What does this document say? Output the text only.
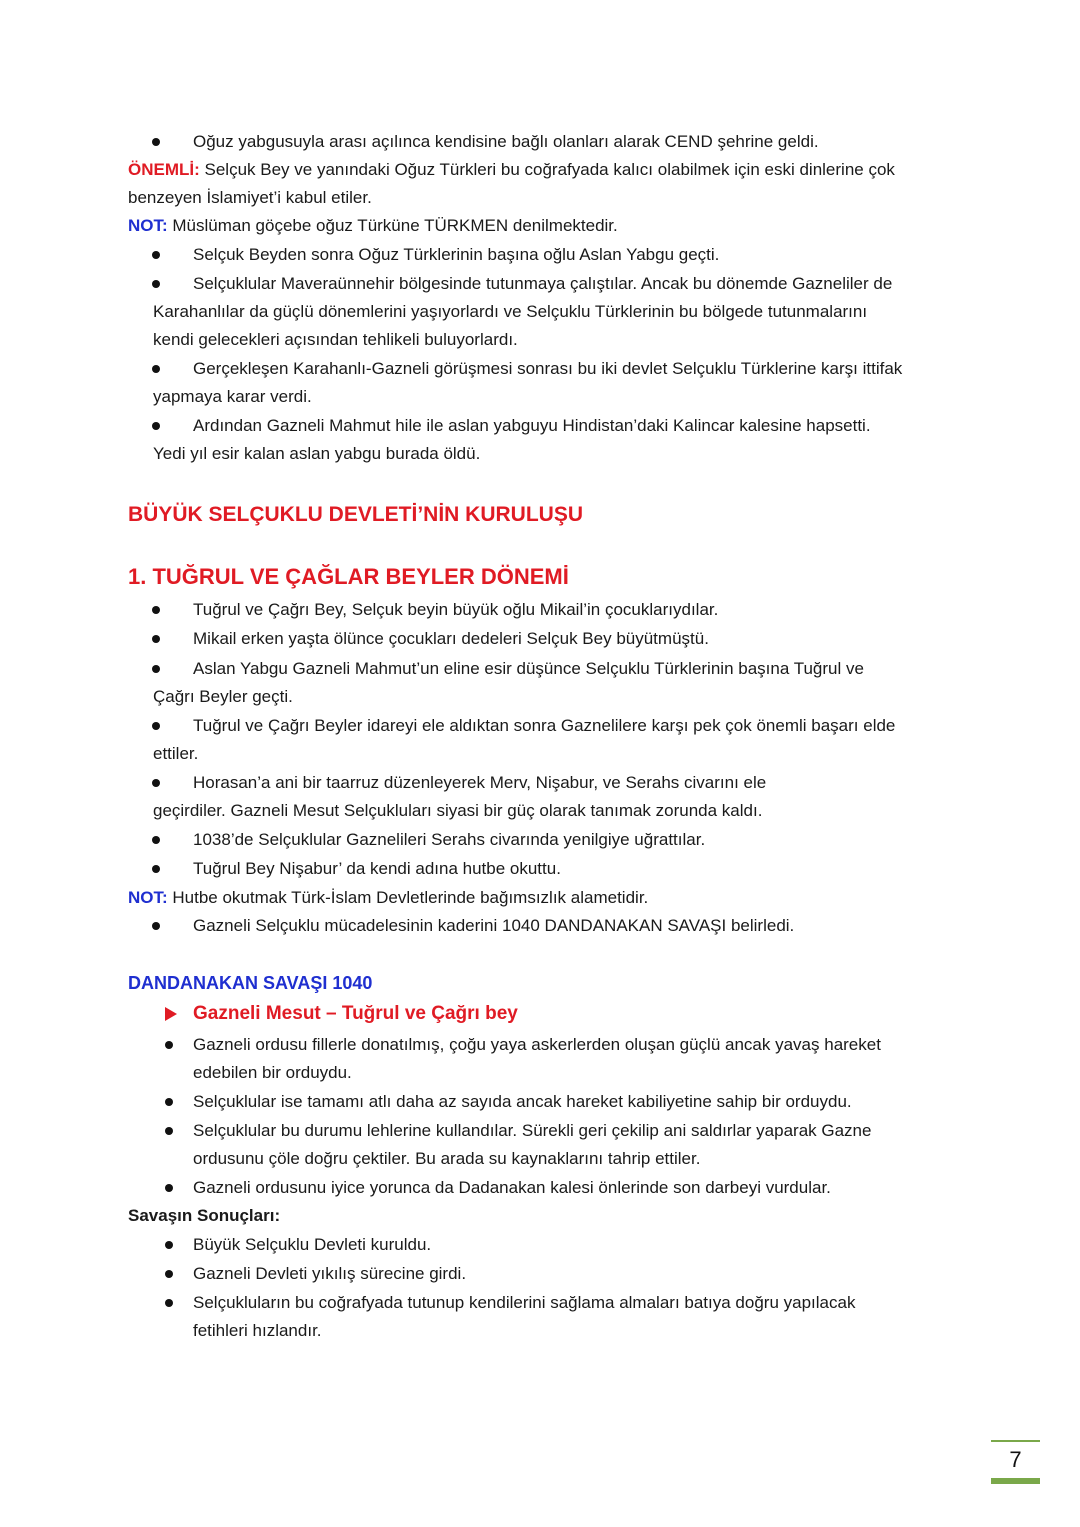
Oğuz yabgusuyla arası açılınca kendisine bağlı olanları alarak CEND şehrine geldi.
ÖNEMLİ: Selçuk Bey ve yanındaki Oğuz Türkleri bu coğrafyada kalıcı olabilmek için eski dinlerine çok
benzeyen İslamiyet’i kabul etiler.
NOT: Müslüman göçebe oğuz Türküne TÜRKMEN denilmektedir.
Selçuk Beyden sonra Oğuz Türklerinin başına oğlu Aslan Yabgu geçti.
Selçuklular Maveraünnehir bölgesinde tutunmaya çalıştılar. Ancak bu dönemde Gazneliler de
Karahanlılar da güçlü dönemlerini yaşıyorlardı ve Selçuklu Türklerinin bu bölgede tutunmalarını
kendi gelecekleri açısından tehlikeli buluyorlardı.
Gerçekleşen Karahanlı-Gazneli görüşmesi sonrası bu iki devlet Selçuklu Türklerine karşı ittifak
yapmaya karar verdi.
Ardından Gazneli Mahmut hile ile aslan yabguyu Hindistan’daki Kalincar kalesine hapsetti.
Yedi yıl esir kalan aslan yabgu burada öldü.
BÜYÜK SELÇUKLU DEVLETİ’NİN KURULUŞU
1. TUĞRUL VE ÇAĞLAR BEYLER DÖNEMİ
Tuğrul ve Çağrı Bey, Selçuk beyin büyük oğlu Mikail’in çocuklarıydılar.
Mikail erken yaşta ölünce çocukları dedeleri Selçuk Bey büyütmüştü.
Aslan Yabgu Gazneli Mahmut’un eline esir düşünce Selçuklu Türklerinin başına Tuğrul ve
Çağrı Beyler geçti.
Tuğrul ve Çağrı Beyler idareyi ele aldıktan sonra Gaznelilere karşı pek çok önemli başarı elde
ettiler.
Horasan’a ani bir taarruz düzenleyerek Merv, Nişabur, ve Serahs civarını ele
geçirdiler. Gazneli Mesut Selçukluları siyasi bir güç olarak tanımak zorunda kaldı.
1038’de Selçuklular Gaznelileri Serahs civarında yenilgiye uğrattılar.
Tuğrul Bey Nişabur’ da kendi adına hutbe okuttu.
NOT: Hutbe okutmak Türk-İslam Devletlerinde bağımsızlık alametidir.
Gazneli Selçuklu mücadelesinin kaderini 1040 DANDANAKAN SAVAŞI belirledi.
DANDANAKAN SAVAŞI 1040
Gazneli Mesut – Tuğrul ve Çağrı bey
Gazneli ordusu fillerle donatılmış, çoğu yaya askerlerden oluşan güçlü ancak yavaş hareket
edebilen bir orduydu.
Selçuklular ise tamamı atlı daha az sayıda ancak hareket kabiliyetine sahip bir orduydu.
Selçuklular bu durumu lehlerine kullandılar. Sürekli geri çekilip ani saldırlar yaparak Gazne
ordusunu çöle doğru çektiler. Bu arada su kaynaklarını tahrip ettiler.
Gazneli ordusunu iyice yorunca da Dadanakan kalesi önlerinde son darbeyi vurdular.
Savaşın Sonuçları:
Büyük Selçuklu Devleti kuruldu.
Gazneli Devleti yıkılış sürecine girdi.
Selçukluların bu coğrafyada tutunup kendilerini sağlama almaları batıya doğru yapılacak
fetihleri hızlandır.
7
